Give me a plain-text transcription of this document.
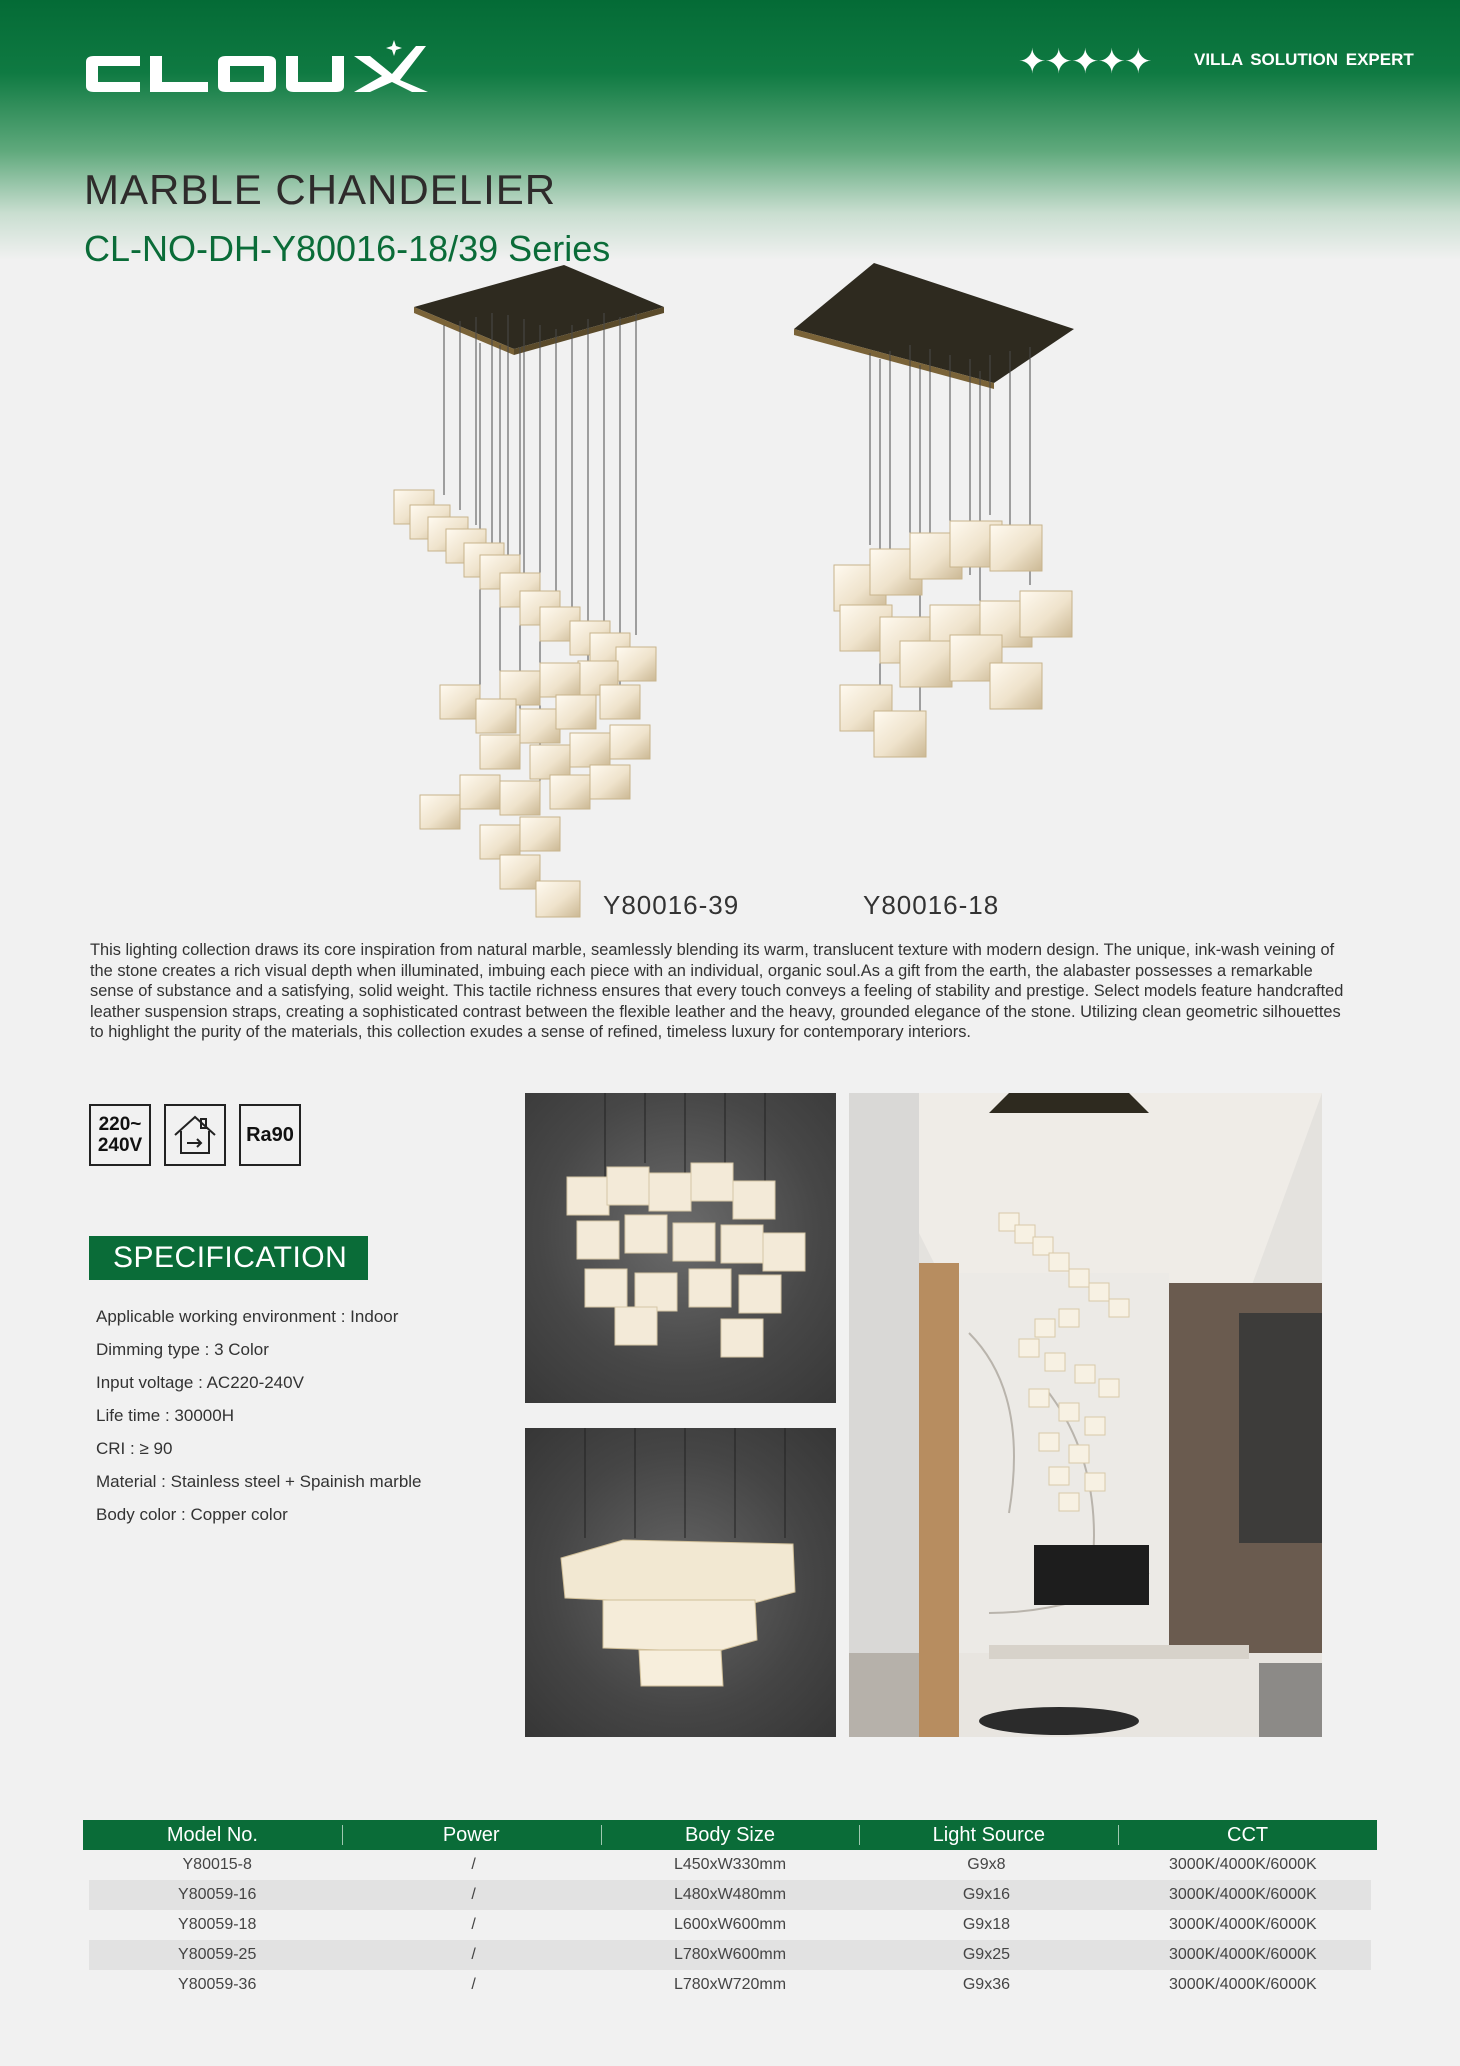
✦✦✦✦✦	VILLA SOLUTION EXPERT
MARBLE CHANDELIER
CL-NO-DH-Y80016-18/39 Series
Y80016-39	Y80016-18

This lighting collection draws its core inspiration from natural marble, seamlessly blending its warm, translucent texture with modern design. The unique, ink-wash veining of the stone creates a rich visual depth when illuminated, imbuing each piece with an individual, organic soul.As a gift from the earth, the alabaster possesses a remarkable sense of substance and a satisfying, solid weight. This tactile richness ensures that every touch conveys a feeling of stability and prestige. Select models feature handcrafted leather suspension straps, creating a sophisticated contrast between the flexible leather and the heavy, grounded elegance of the stone. Utilizing clean geometric silhouettes to highlight the purity of the materials, this collection exudes a sense of refined, timeless luxury for contemporary interiors.

220~
240V	Ra90
SPECIFICATION
Applicable working environment : Indoor
Dimming type : 3 Color
Input voltage : AC220-240V
Life time : 30000H
CRI : ≥ 90
Material : Stainless steel + Spainish marble
Body color : Copper color
Model No.	Power	Body Size	Light Source	CCT
Y80015-8	/	L450xW330mm	G9x8	3000K/4000K/6000K
Y80059-16	/	L480xW480mm	G9x16	3000K/4000K/6000K
Y80059-18	/	L600xW600mm	G9x18	3000K/4000K/6000K
Y80059-25	/	L780xW600mm	G9x25	3000K/4000K/6000K
Y80059-36	/	L780xW720mm	G9x36	3000K/4000K/6000K
